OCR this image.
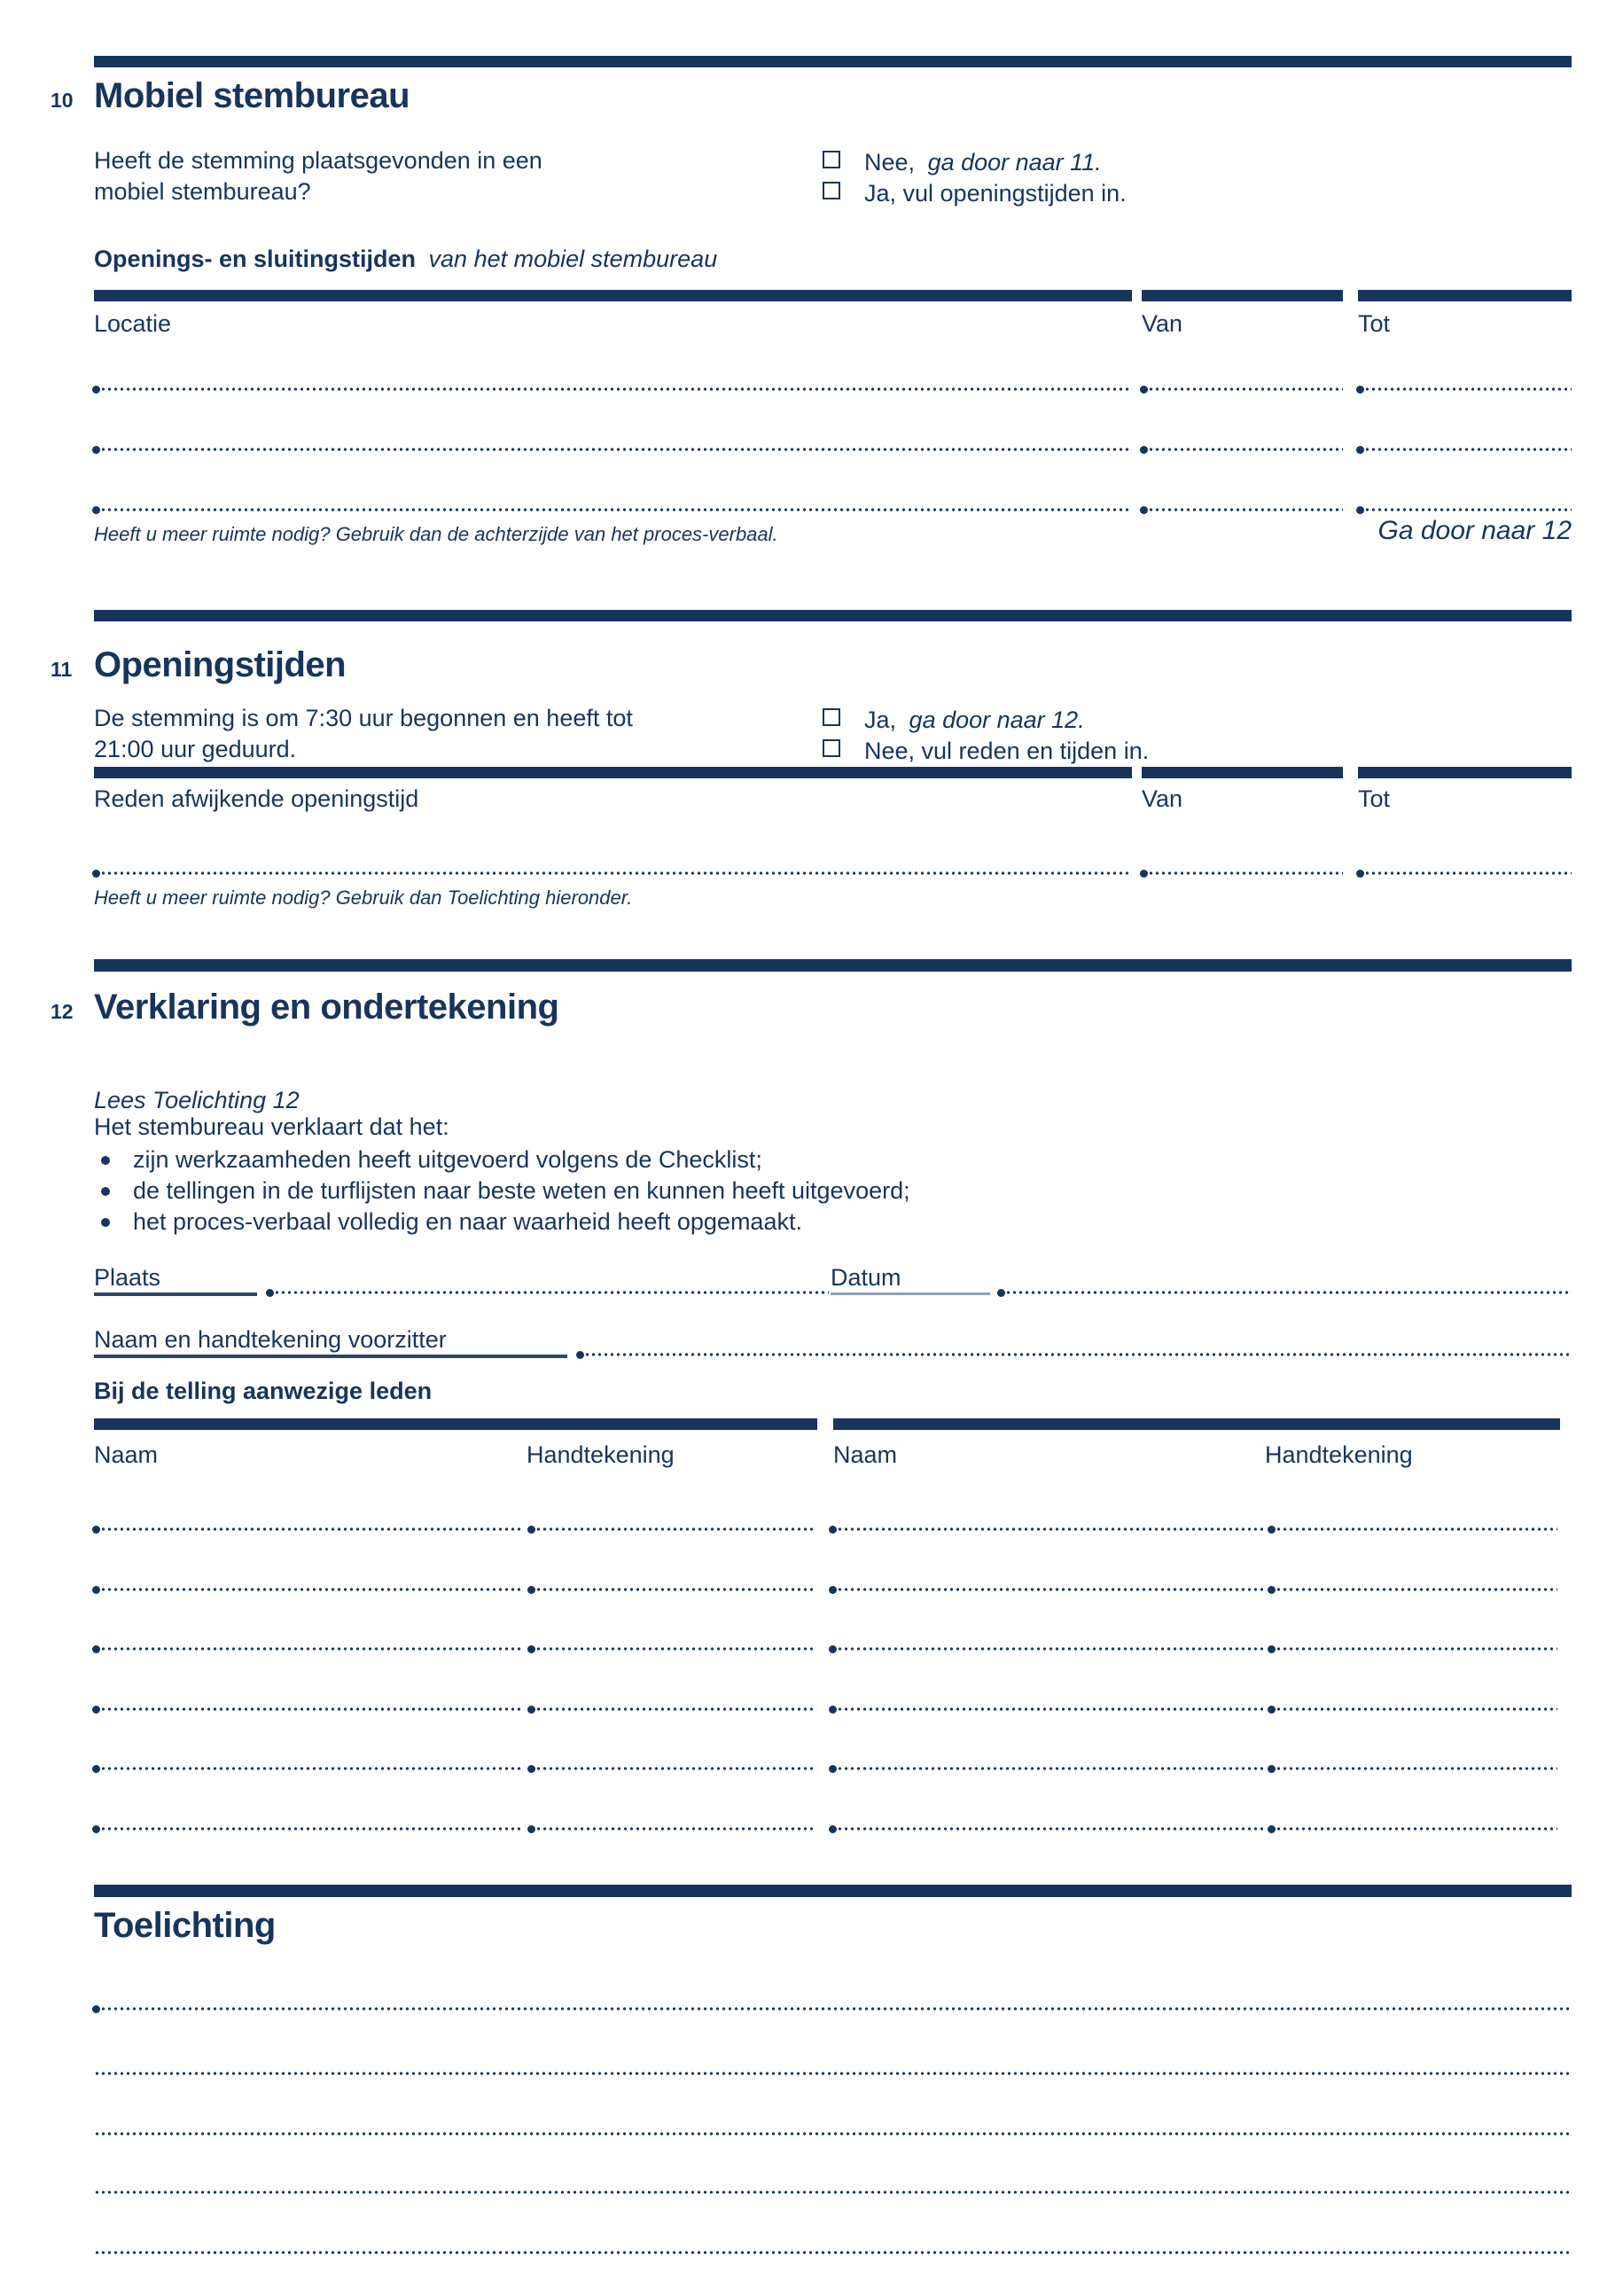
10 Mobiel stembureau
Heeft de stemming plaatsgevonden in een
mobiel stembureau?
Nee, ga door naar 11.
Ja, vul openingstijden in.
Openings- en sluitingstijden van het mobiel stembureau
Locatie	Van	Tot
Heeft u meer ruimte nodig? Gebruik dan de achterzijde van het proces-verbaal.	Ga door naar 12
11 Openingstijden
De stemming is om 7:30 uur begonnen en heeft tot
21:00 uur geduurd.
Ja, ga door naar 12.
Nee, vul reden en tijden in.
Reden afwijkende openingstijd	Van	Tot
Heeft u meer ruimte nodig? Gebruik dan Toelichting hieronder.
12 Verklaring en ondertekening
Lees Toelichting 12
Het stembureau verklaart dat het:
zijn werkzaamheden heeft uitgevoerd volgens de Checklist;
de tellingen in de turflijsten naar beste weten en kunnen heeft uitgevoerd;
het proces-verbaal volledig en naar waarheid heeft opgemaakt.
Plaats	Datum
Naam en handtekening voorzitter
Bij de telling aanwezige leden
Naam	Handtekening	Naam	Handtekening
Toelichting
